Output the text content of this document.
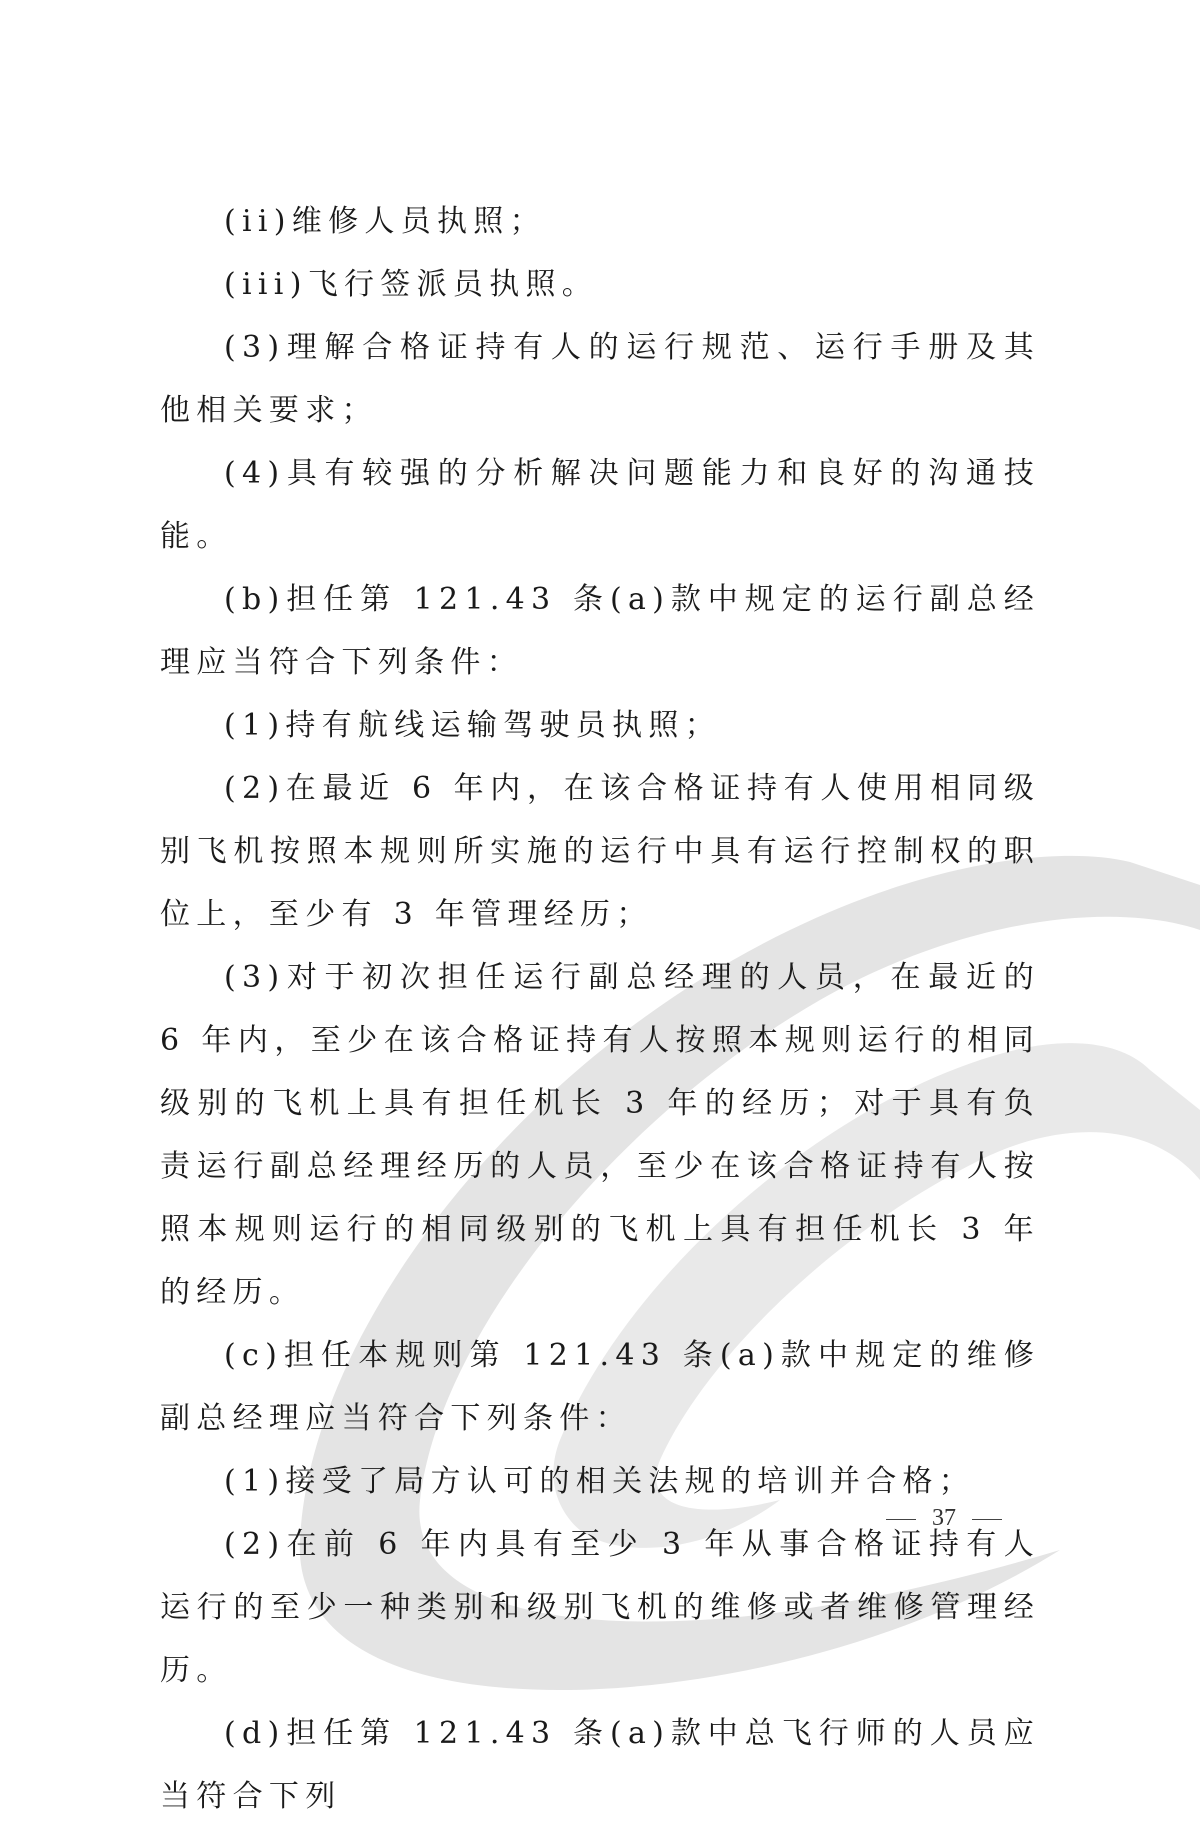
(ii)维修人员执照；

(iii)飞行签派员执照。

(3)理解合格证持有人的运行规范、运行手册及其他相关要求；

(4)具有较强的分析解决问题能力和良好的沟通技能。

(b)担任第 121.43 条(a)款中规定的运行副总经理应当符合下列条件：

(1)持有航线运输驾驶员执照；

(2)在最近 6 年内，在该合格证持有人使用相同级别飞机按照本规则所实施的运行中具有运行控制权的职位上，至少有 3 年管理经历；

(3)对于初次担任运行副总经理的人员，在最近的 6 年内，至少在该合格证持有人按照本规则运行的相同级别的飞机上具有担任机长 3 年的经历；对于具有负责运行副总经理经历的人员，至少在该合格证持有人按照本规则运行的相同级别的飞机上具有担任机长 3 年的经历。

(c)担任本规则第 121.43 条(a)款中规定的维修副总经理应当符合下列条件：

(1)接受了局方认可的相关法规的培训并合格；

(2)在前 6 年内具有至少 3 年从事合格证持有人运行的至少一种类别和级别飞机的维修或者维修管理经历。

(d)担任第 121.43 条(a)款中总飞行师的人员应当符合下列

37
